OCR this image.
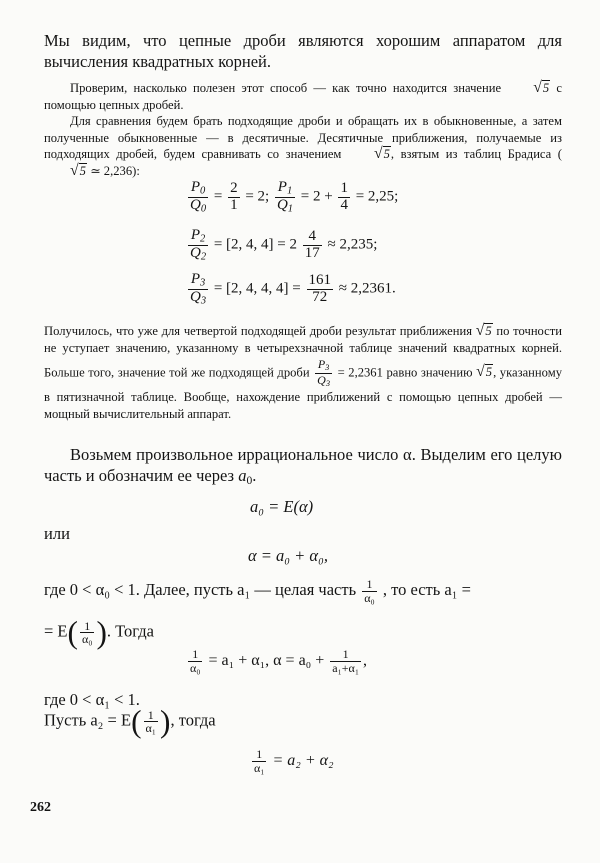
Мы видим, что цепные дроби являются хорошим аппаратом для вычисления квадратных корней.
Проверим, насколько полезен этот способ — как точно находится значение √5 с помощью цепных дробей.
Для сравнения будем брать подходящие дроби и обращать их в обыкновенные, а затем полученные обыкновенные — в десятичные. Десятичные приближения, получаемые из подходящих дробей, будем сравнивать со значением √5, взятым из таблиц Брадиса (√5 ≃ 2,236):
$\frac{P_0}{Q_0} = \frac{2}{1} = 2$; $\frac{P_1}{Q_1} = 2 + \frac{1}{4} = 2,25$;
$\frac{P_2}{Q_2} = [2$, 4, $4] = 2 \frac{4}{17} \approx 2,235$;
$\frac{P_3}{Q_3} = [2$, 4, 4, $4] = \frac{161}{72} \approx 2,2361$.
Получилось, что уже для четвертой подходящей дроби результат приближения √5 по точности не уступает значению, указанному в четырехзначной таблице значений квадратных корней. Больше того, значение той же подходящей дроби $\frac{P_3}{Q_3} = 2,2361$ равно значению √5, указанному в пятизначной таблице. Вообще, нахождение приближений с помощью цепных дробей — мощный вычислительный аппарат.
Возьмем произвольное иррациональное число α. Выделим его целую часть и обозначим ее через $a_0$.
a₀ = E(α)
или
α = a₀ + α₀,
где 0 < α₀ < 1. Далее, пусть a₁ — целая часть $\frac{1}{\text{α₀}}$ , то есть a₁ =
= $E( \frac{1}{\text{α₀}}$ ). Тогда
$\frac{1}{\text{α₀}} = a_1 + \alpha_1$, $\alpha = a_0 + \frac{1}{\text{a₁+α₁}}$ ,
где 0 < α₁ < 1.
Пусть $a_2 = E( \frac{1}{\text{α₁}}$ ), тогда
$\frac{1}{\text{α₁}} = a_2 + \alpha_2$
262
